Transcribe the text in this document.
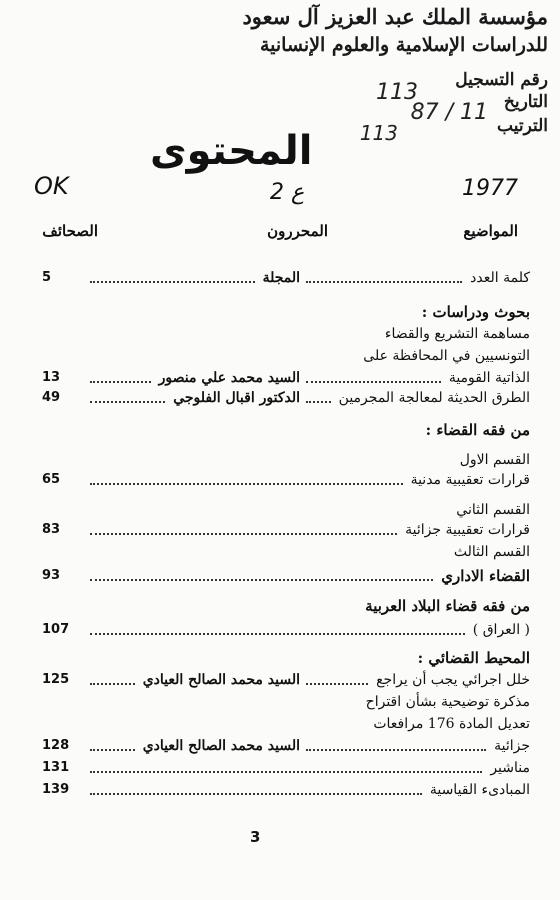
مؤسسة الملك عبد العزيز آل سعود
للدراسات الإسلامية والعلوم الإنسانية
رقم التسجيل
التاريخ
الترتيب
113
11 / 87
113
المحتوى
OK	2 ع	1977
المواضيع
المحررون
الصحائف
كلمة العدد
المجلة
5
بحوث ودراسات :
مساهمة التشريع والقضاء
التونسيين في المحافظة على
الذاتية القومية
السيد محمد علي منصور
13
الطرق الحديثة لمعالجة المجرمين
الدكتور اقبال الفلوجي
49
من فقه القضاء :
القسم الاول
قرارات تعقيبية مدنية
65
القسم الثاني
قرارات تعقيبية جزائية
83
القسم الثالث
القضاء الاداري
93
من فقه قضاء البلاد العربية
( العراق )
107
المحيط القضائي :
خلل اجرائي يجب أن يراجع
السيد محمد الصالح العيادي
125
مذكرة توضيحية بشأن اقتراح
تعديل المادة 176 مرافعات
جزائية
السيد محمد الصالح العيادي
128
مناشير
131
المبادىء القياسية
139
3
